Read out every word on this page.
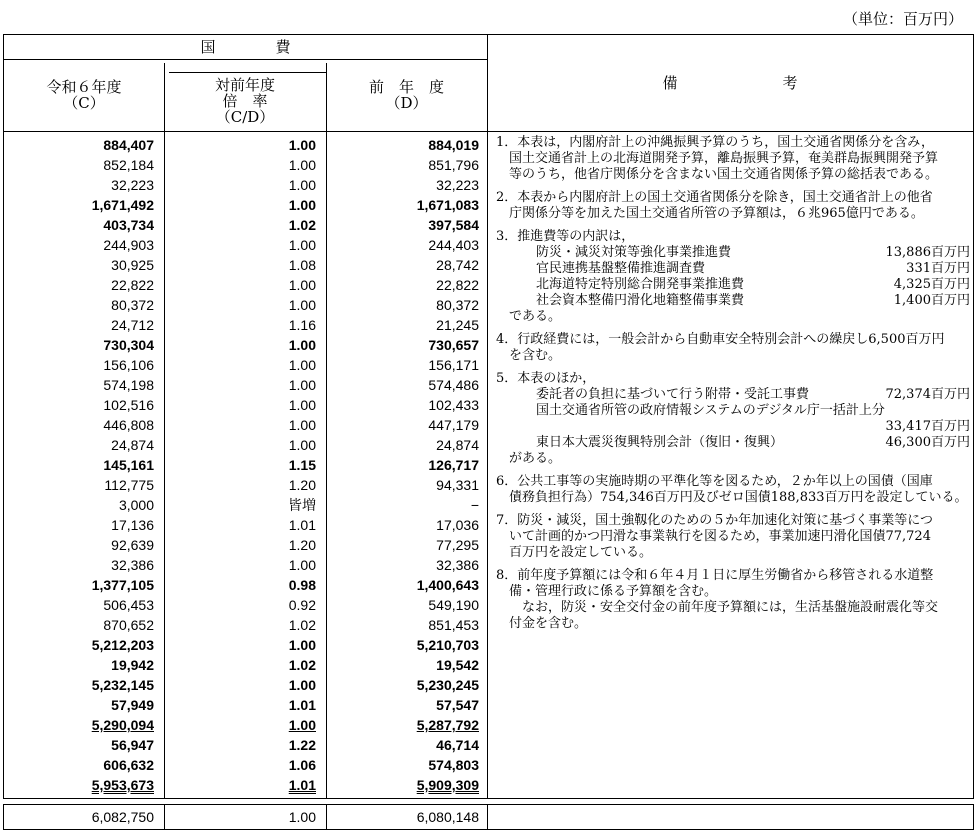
（単位：百万円）
国　　　　費
令和６年度
（C）
対前年度
倍　率
（C/D）
前　年　度
（D）
備　　　　　　　考
884,407	1.00	884,019
852,184	1.00	851,796
32,223	1.00	32,223
1,671,492	1.00	1,671,083
403,734	1.02	397,584
244,903	1.00	244,403
30,925	1.08	28,742
22,822	1.00	22,822
80,372	1.00	80,372
24,712	1.16	21,245
730,304	1.00	730,657
156,106	1.00	156,171
574,198	1.00	574,486
102,516	1.00	102,433
446,808	1.00	447,179
24,874	1.00	24,874
145,161	1.15	126,717
112,775	1.20	94,331
3,000	皆増	−
17,136	1.01	17,036
92,639	1.20	77,295
32,386	1.00	32,386
1,377,105	0.98	1,400,643
506,453	0.92	549,190
870,652	1.02	851,453
5,212,203	1.00	5,210,703
19,942	1.02	19,542
5,232,145	1.00	5,230,245
57,949	1.01	57,547
5,290,094	1.00	5,287,792
56,947	1.22	46,714
606,632	1.06	574,803
5,953,673	1.01	5,909,309
1．本表は，内閣府計上の沖縄振興予算のうち，国土交通省関係分を含み，
国土交通省計上の北海道開発予算，離島振興予算，奄美群島振興開発予算
等のうち，他省庁関係分を含まない国土交通省関係予算の総括表である。
2．本表から内閣府計上の国土交通省関係分を除き，国土交通省計上の他省
庁関係分等を加えた国土交通省所管の予算額は，６兆965億円である。
3．推進費等の内訳は，
防災・減災対策等強化事業推進費	13,886百万円
官民連携基盤整備推進調査費	331百万円
北海道特定特別総合開発事業推進費	4,325百万円
社会資本整備円滑化地籍整備事業費	1,400百万円
である。
4．行政経費には，一般会計から自動車安全特別会計への繰戻し6,500百万円
を含む。
5．本表のほか，
委託者の負担に基づいて行う附帯・受託工事費	72,374百万円
国土交通省所管の政府情報システムのデジタル庁一括計上分
33,417百万円
東日本大震災復興特別会計（復旧・復興）	46,300百万円
がある。
6．公共工事等の実施時期の平準化等を図るため，２か年以上の国債（国庫
債務負担行為）754,346百万円及びゼロ国債188,833百万円を設定している。
7．防災・減災，国土強靱化のための５か年加速化対策に基づく事業等につ
いて計画的かつ円滑な事業執行を図るため，事業加速円滑化国債77,724
百万円を設定している。
8．前年度予算額には令和６年４月１日に厚生労働省から移管される水道整
備・管理行政に係る予算額を含む。
　なお，防災・安全交付金の前年度予算額には，生活基盤施設耐震化等交
付金を含む。
6,082,750	1.00	6,080,148
